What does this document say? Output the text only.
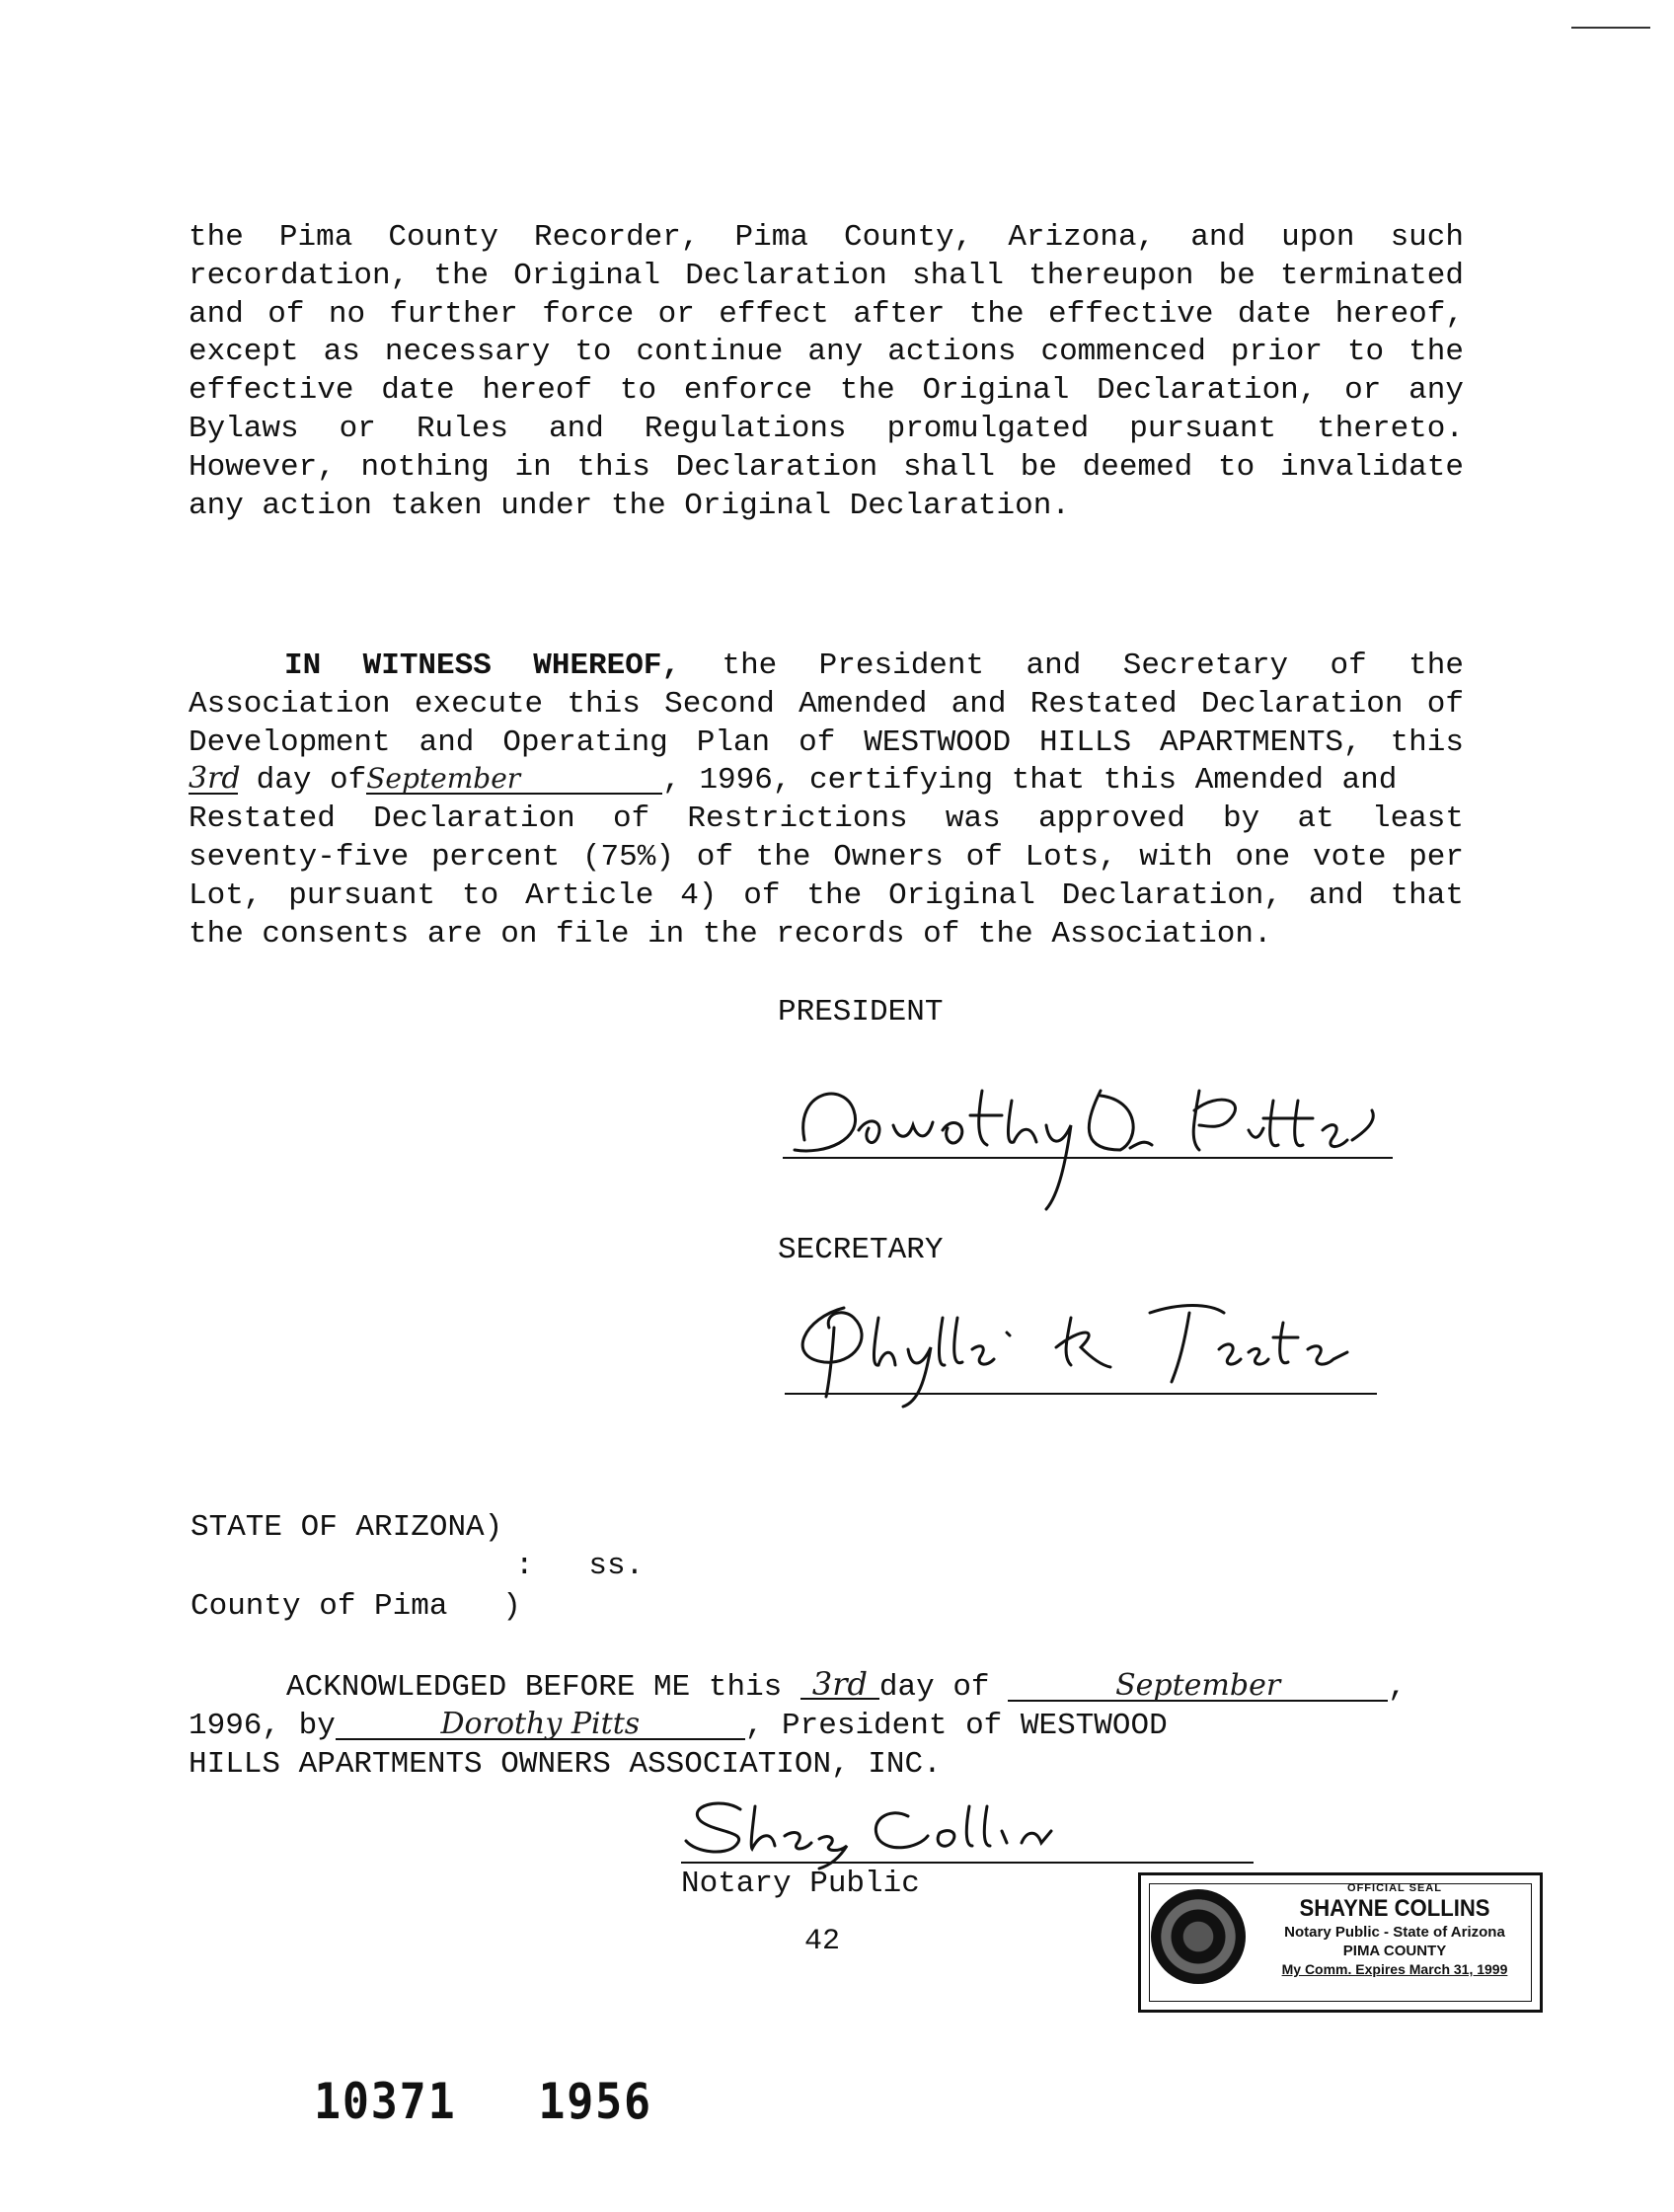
the Pima County Recorder, Pima County, Arizona, and upon such
recordation, the Original Declaration shall thereupon be terminated
and of no further force or effect after the effective date hereof,
except as necessary to continue any actions commenced prior to the
effective date hereof to enforce the Original Declaration, or any
Bylaws or Rules and Regulations promulgated pursuant thereto.
However, nothing in this Declaration shall be deemed to invalidate
any action taken under the Original Declaration.
IN WITNESS WHEREOF, the President and Secretary of the
Association execute this Second Amended and Restated Declaration of
Development and Operating Plan of WESTWOOD HILLS APARTMENTS, this
3rd day ofSeptember	, 1996, certifying that this Amended and
Restated Declaration of Restrictions was approved by at least
seventy-five percent (75%) of the Owners of Lots, with one vote per
Lot, pursuant to Article 4) of the Original Declaration, and that
the consents are on file in the records of the Association.
PRESIDENT
SECRETARY
STATE OF ARIZONA)
:   ss.
County of Pima   )
ACKNOWLEDGED BEFORE ME this 3rd day of	September	,
1996, by	Dorothy Pitts	, President of WESTWOOD
HILLS APARTMENTS OWNERS ASSOCIATION, INC.
Notary Public
42
OFFICIAL SEAL
SHAYNE COLLINS
Notary Public - State of Arizona
PIMA COUNTY
My Comm. Expires March 31, 1999
10371 1956
